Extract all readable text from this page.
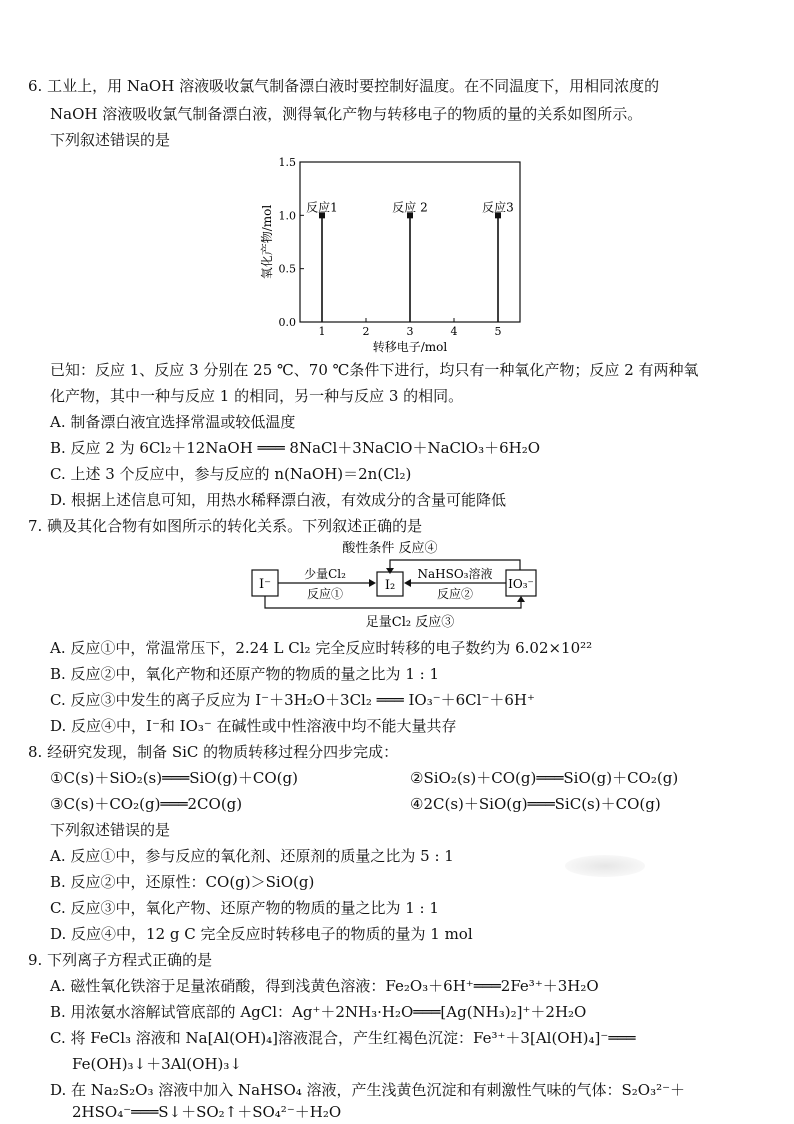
6. 工业上，用 NaOH 溶液吸收氯气制备漂白液时要控制好温度。在不同温度下，用相同浓度的
NaOH 溶液吸收氯气制备漂白液，测得氧化产物与转移电子的物质的量的关系如图所示。
下列叙述错误的是
0.0
0.5
1.0
1.5
1	2	3	4	5
反应1	反应 2	反应3
转移电子/mol
氧化产物/mol
已知：反应 1、反应 3 分别在 25 ℃、70 ℃条件下进行，均只有一种氧化产物；反应 2 有两种氧
化产物，其中一种与反应 1 的相同，另一种与反应 3 的相同。
A. 制备漂白液宜选择常温或较低温度
B. 反应 2 为 6Cl₂＋12NaOH ═══ 8NaCl＋3NaClO＋NaClO₃＋6H₂O
C. 上述 3 个反应中，参与反应的 n(NaOH)＝2n(Cl₂)
D. 根据上述信息可知，用热水稀释漂白液，有效成分的含量可能降低
7. 碘及其化合物有如图所示的转化关系。下列叙述正确的是
酸性条件 反应④
I⁻	I₂	IO₃⁻
少量Cl₂
反应①
NaHSO₃溶液
反应②
足量Cl₂ 反应③
A. 反应①中，常温常压下，2.24 L Cl₂ 完全反应时转移的电子数约为 6.02×10²²
B. 反应②中，氧化产物和还原产物的物质的量之比为 1 : 1
C. 反应③中发生的离子反应为 I⁻＋3H₂O＋3Cl₂ ═══ IO₃⁻＋6Cl⁻＋6H⁺
D. 反应④中，I⁻和 IO₃⁻ 在碱性或中性溶液中均不能大量共存
8. 经研究发现，制备 SiC 的物质转移过程分四步完成：
①C(s)＋SiO₂(s)═══SiO(g)＋CO(g)	②SiO₂(s)＋CO(g)═══SiO(g)＋CO₂(g)
③C(s)＋CO₂(g)═══2CO(g)	④2C(s)＋SiO(g)═══SiC(s)＋CO(g)
下列叙述错误的是
A. 反应①中，参与反应的氧化剂、还原剂的质量之比为 5 : 1
B. 反应②中，还原性：CO(g)＞SiO(g)
C. 反应③中，氧化产物、还原产物的物质的量之比为 1 : 1
D. 反应④中，12 g C 完全反应时转移电子的物质的量为 1 mol
9. 下列离子方程式正确的是
A. 磁性氧化铁溶于足量浓硝酸，得到浅黄色溶液：Fe₂O₃＋6H⁺═══2Fe³⁺＋3H₂O
B. 用浓氨水溶解试管底部的 AgCl：Ag⁺＋2NH₃·H₂O═══[Ag(NH₃)₂]⁺＋2H₂O
C. 将 FeCl₃ 溶液和 Na[Al(OH)₄]溶液混合，产生红褐色沉淀：Fe³⁺＋3[Al(OH)₄]⁻═══
Fe(OH)₃↓＋3Al(OH)₃↓
D. 在 Na₂S₂O₃ 溶液中加入 NaHSO₄ 溶液，产生浅黄色沉淀和有刺激性气味的气体：S₂O₃²⁻＋
2HSO₄⁻═══S↓＋SO₂↑＋SO₄²⁻＋H₂O
